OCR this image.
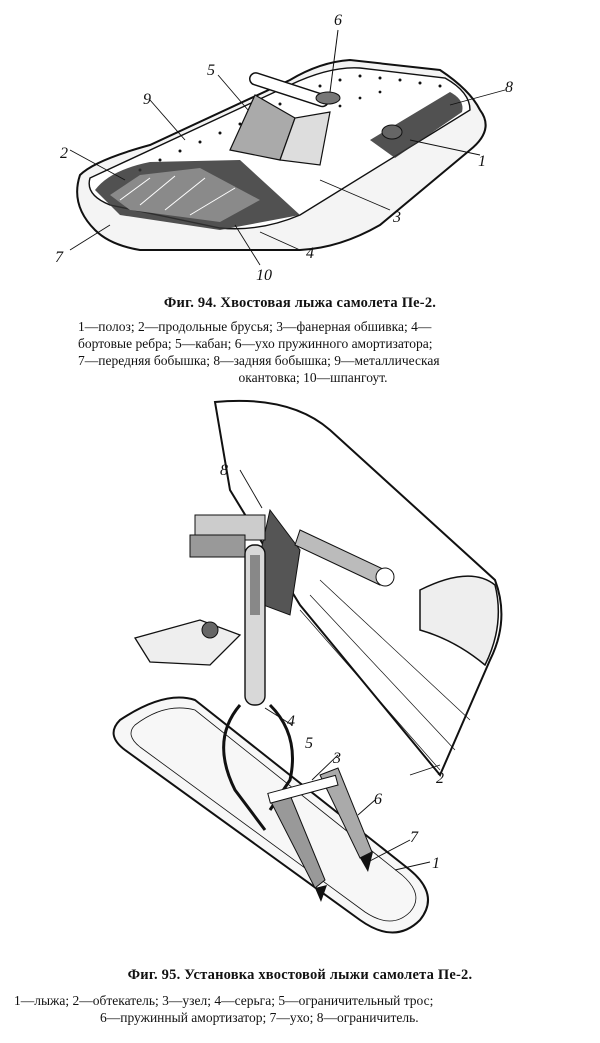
1
2
3
4
5
6
7
8
9
10
Фиг. 94. Хвостовая лыжа самолета Пе-2.
1—полоз; 2—продольные брусья; 3—фанерная обшивка; 4—
бортовые ребра; 5—кабан; 6—ухо пружинного амортизатора;
7—передняя бобышка; 8—задняя бобышка; 9—металлическая
окантовка; 10—шпангоут.
1
2
3
4
5
6
7
8
Фиг. 95. Установка хвостовой лыжи самолета Пе-2.
1—лыжа; 2—обтекатель; 3—узел; 4—серьга; 5—ограничительный трос;
6—пружинный амортизатор; 7—ухо; 8—ограничитель.
